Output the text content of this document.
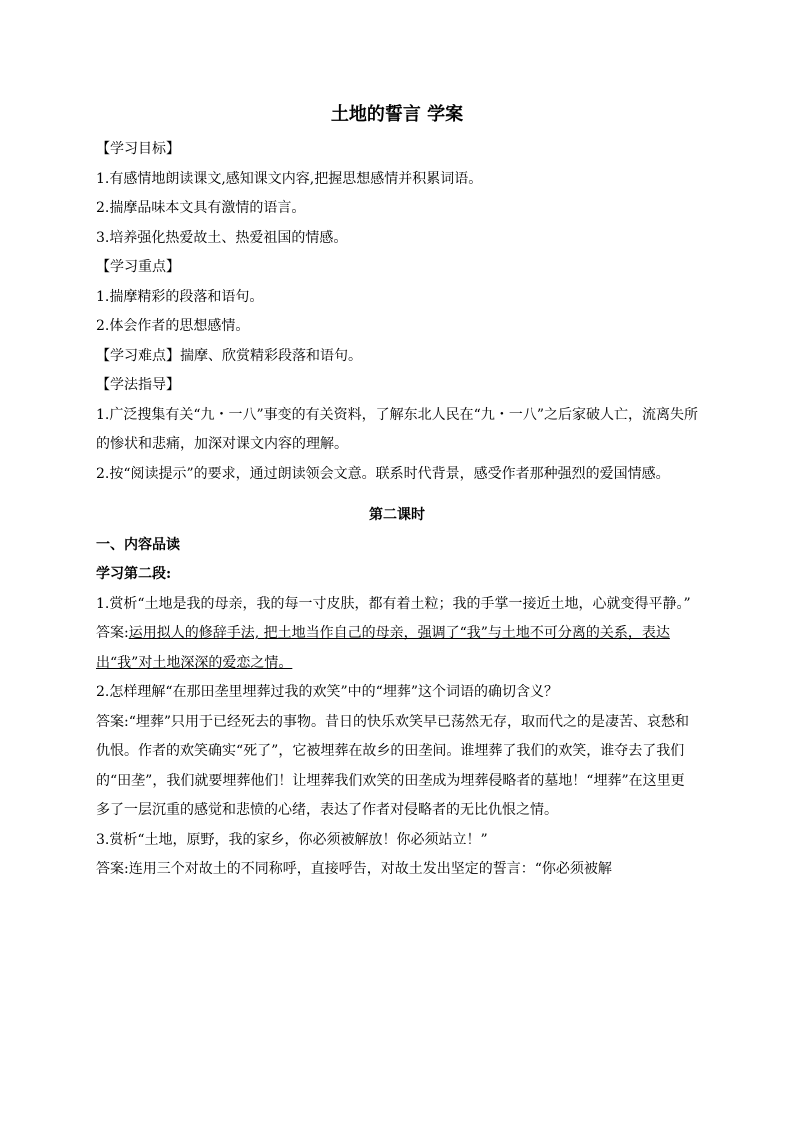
土地的誓言 学案

【学习目标】

1.有感情地朗读课文,感知课文内容,把握思想感情并积累词语。

2.揣摩品味本文具有激情的语言。

3.培养强化热爱故土、热爱祖国的情感。

【学习重点】

1.揣摩精彩的段落和语句。

2.体会作者的思想感情。

【学习难点】揣摩、欣赏精彩段落和语句。

【学法指导】

1.广泛搜集有关“九・一八”事变的有关资料，了解东北人民在“九・一八”之后家破人亡，流离失所的惨状和悲痛，加深对课文内容的理解。

2.按“阅读提示”的要求，通过朗读领会文意。联系时代背景，感受作者那种强烈的爱国情感。

第二课时

一、内容品读

学习第二段:

1.赏析“土地是我的母亲，我的每一寸皮肤，都有着土粒；我的手掌一接近土地，心就变得平静。”

答案:运用拟人的修辞手法, 把土地当作自己的母亲，强调了“我”与土地不可分离的关系，表达出“我”对土地深深的爱恋之情。

2.怎样理解“在那田垄里埋葬过我的欢笑”中的“埋葬”这个词语的确切含义？

答案:“埋葬”只用于已经死去的事物。昔日的快乐欢笑早已荡然无存，取而代之的是凄苦、哀愁和仇恨。作者的欢笑确实“死了”，它被埋葬在故乡的田垄间。谁埋葬了我们的欢笑，谁夺去了我们的“田垄”，我们就要埋葬他们！让埋葬我们欢笑的田垄成为埋葬侵略者的墓地！“埋葬”在这里更多了一层沉重的感觉和悲愤的心绪，表达了作者对侵略者的无比仇恨之情。

3.赏析“土地，原野，我的家乡，你必须被解放！你必须站立！”

答案:连用三个对故土的不同称呼，直接呼告，对故土发出坚定的誓言：“你必须被解
